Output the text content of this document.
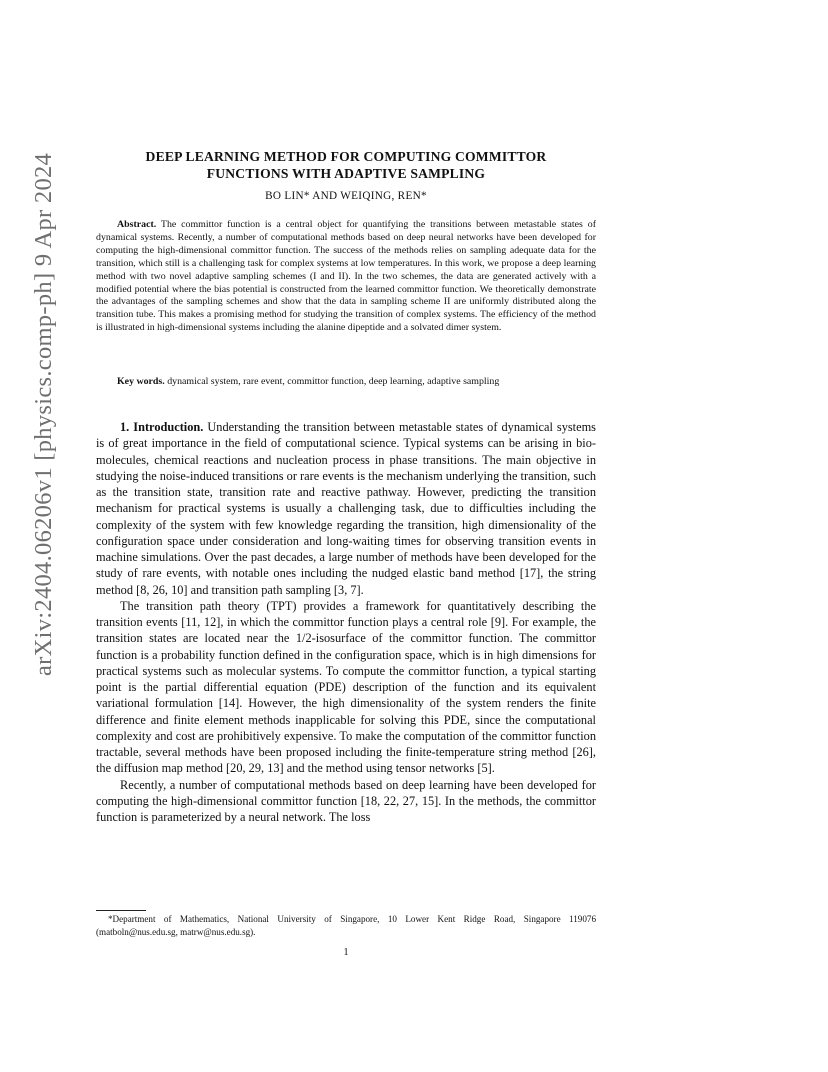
arXiv:2404.06206v1 [physics.comp-ph] 9 Apr 2024	DEEP LEARNING METHOD FOR COMPUTING COMMITTOR
FUNCTIONS WITH ADAPTIVE SAMPLING
BO LIN* AND WEIQING, REN*

Abstract. The committor function is a central object for quantifying the transitions between metastable states of dynamical systems. Recently, a number of computational methods based on deep neural networks have been developed for computing the high-dimensional committor function. The success of the methods relies on sampling adequate data for the transition, which still is a challenging task for complex systems at low temperatures. In this work, we propose a deep learning method with two novel adaptive sampling schemes (I and II). In the two schemes, the data are generated actively with a modified potential where the bias potential is constructed from the learned committor function. We theoretically demonstrate the advantages of the sampling schemes and show that the data in sampling scheme II are uniformly distributed along the transition tube. This makes a promising method for studying the transition of complex systems. The efficiency of the method is illustrated in high-dimensional systems including the alanine dipeptide and a solvated dimer system.

Key words. dynamical system, rare event, committor function, deep learning, adaptive sampling

1. Introduction. Understanding the transition between metastable states of dynamical systems is of great importance in the field of computational science. Typical systems can be arising in bio-molecules, chemical reactions and nucleation process in phase transitions. The main objective in studying the noise-induced transitions or rare events is the mechanism underlying the transition, such as the transition state, transition rate and reactive pathway. However, predicting the transition mechanism for practical systems is usually a challenging task, due to difficulties including the complexity of the system with few knowledge regarding the transition, high dimensionality of the configuration space under consideration and long-waiting times for observing transition events in machine simulations. Over the past decades, a large number of methods have been developed for the study of rare events, with notable ones including the nudged elastic band method [17], the string method [8, 26, 10] and transition path sampling [3, 7].

The transition path theory (TPT) provides a framework for quantitatively describing the transition events [11, 12], in which the committor function plays a central role [9]. For example, the transition states are located near the 1/2-isosurface of the committor function. The committor function is a probability function defined in the configuration space, which is in high dimensions for practical systems such as molecular systems. To compute the committor function, a typical starting point is the partial differential equation (PDE) description of the function and its equivalent variational formulation [14]. However, the high dimensionality of the system renders the finite difference and finite element methods inapplicable for solving this PDE, since the computational complexity and cost are prohibitively expensive. To make the computation of the committor function tractable, several methods have been proposed including the finite-temperature string method [26], the diffusion map method [20, 29, 13] and the method using tensor networks [5].

Recently, a number of computational methods based on deep learning have been developed for computing the high-dimensional committor function [18, 22, 27, 15]. In the methods, the committor function is parameterized by a neural network. The loss

*Department of Mathematics, National University of Singapore, 10 Lower Kent Ridge Road, Singapore 119076 (matboln@nus.edu.sg, matrw@nus.edu.sg).

1
